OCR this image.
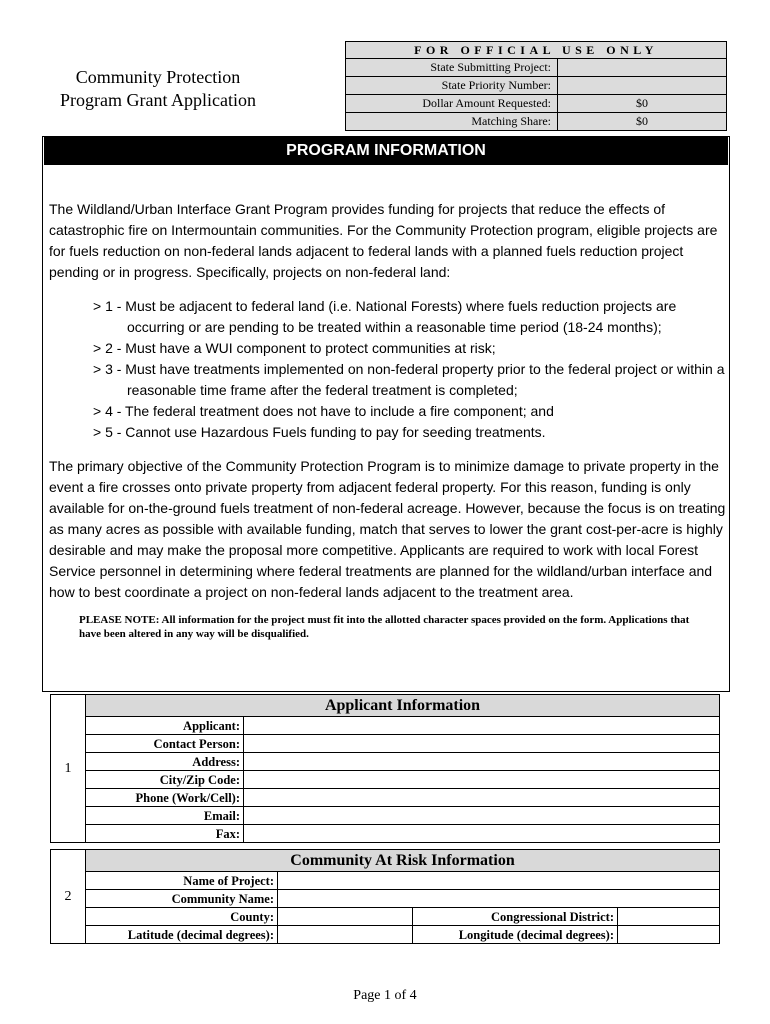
Community Protection
Program Grant Application
FOR OFFICIAL USE ONLY
State Submitting Project:
State Priority Number:
Dollar Amount Requested:	$0
Matching Share:	$0
PROGRAM INFORMATION

The Wildland/Urban Interface Grant Program provides funding for projects that reduce the effects of catastrophic fire on Intermountain communities. For the Community Protection program, eligible projects are for fuels reduction on non-federal lands adjacent to federal lands with a planned fuels reduction project pending or in progress. Specifically, projects on non-federal land:

> 1 - Must be adjacent to federal land (i.e. National Forests) where fuels reduction projects are occurring or are pending to be treated within a reasonable time period (18-24 months);
> 2 - Must have a WUI component to protect communities at risk;
> 3 - Must have treatments implemented on non-federal property prior to the federal project or within a reasonable time frame after the federal treatment is completed;
> 4 - The federal treatment does not have to include a fire component; and
> 5 - Cannot use Hazardous Fuels funding to pay for seeding treatments.

The primary objective of the Community Protection Program is to minimize damage to private property in the event a fire crosses onto private property from adjacent federal property. For this reason, funding is only available for on-the-ground fuels treatment of non-federal acreage. However, because the focus is on treating as many acres as possible with available funding, match that serves to lower the grant cost-per-acre is highly desirable and may make the proposal more competitive. Applicants are required to work with local Forest Service personnel in determining where federal treatments are planned for the wildland/urban interface and how to best coordinate a project on non-federal lands adjacent to the treatment area.

PLEASE NOTE: All information for the project must fit into the allotted character spaces provided on the form. Applications that have been altered in any way will be disqualified.
1	Applicant Information	
	Applicant:	
	Contact Person:	
	Address:	
	City/Zip Code:	
	Phone (Work/Cell):	
	Email:	
	Fax:	
2	Community At Risk Information			
	Name of Project:			
	Community Name:			
	County:		Congressional District:	
	Latitude (decimal degrees):		Longitude (decimal degrees):	
Page 1 of 4
